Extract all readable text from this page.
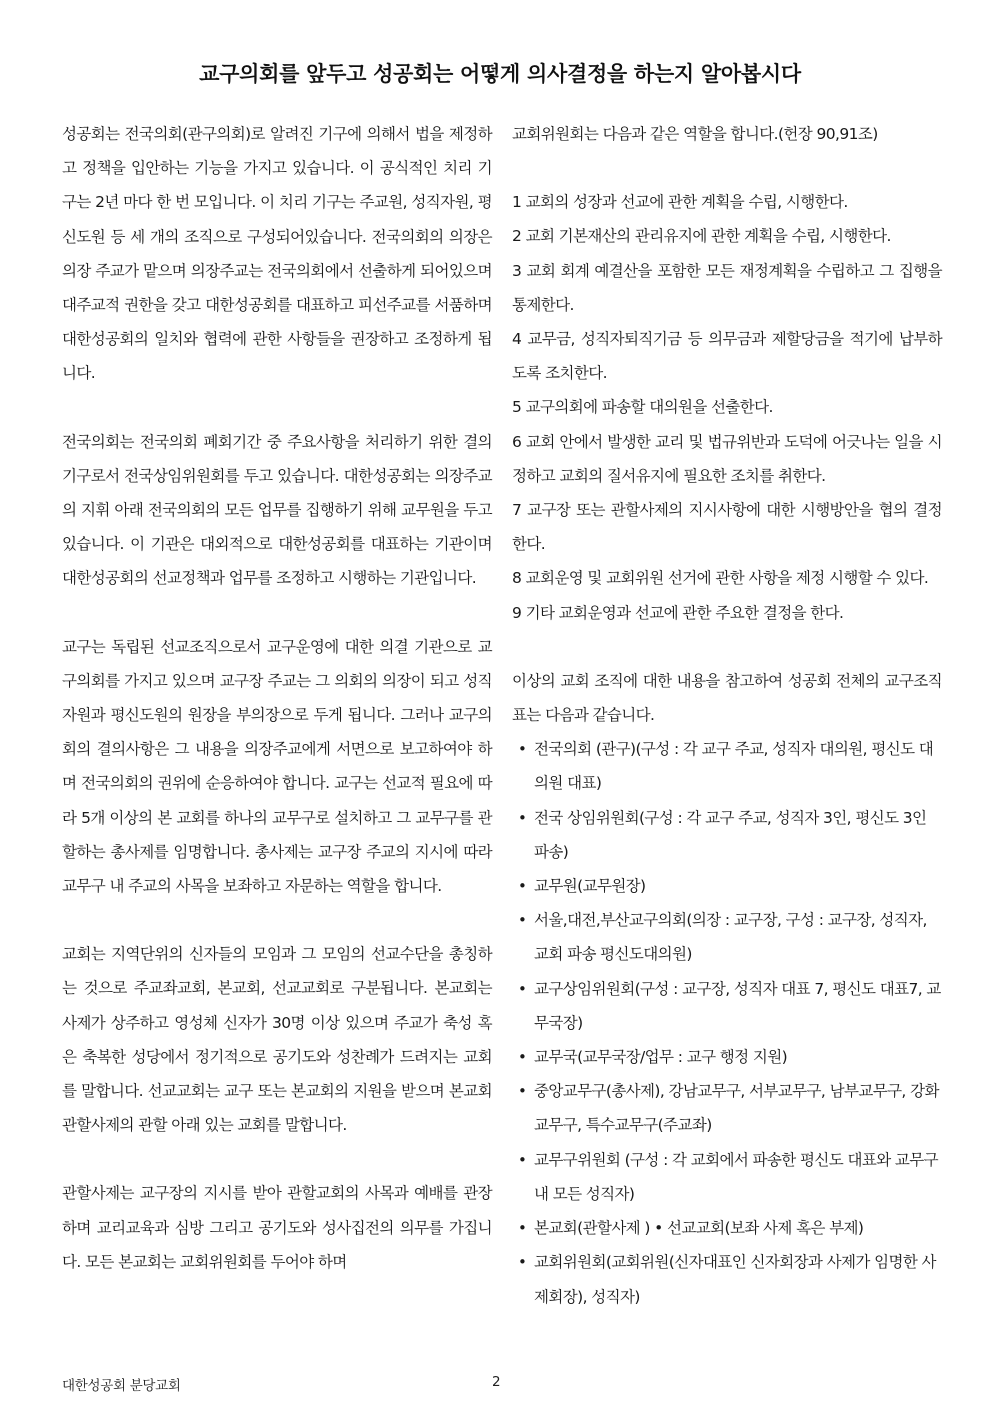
교구의회를 앞두고 성공회는 어떻게 의사결정을 하는지 알아봅시다

성공회는 전국의회(관구의회)로 알려진 기구에 의해서 법을 제정하고 정책을 입안하는 기능을 가지고 있습니다. 이 공식적인 치리 기구는 2년 마다 한 번 모입니다. 이 치리 기구는 주교원, 성직자원, 평신도원 등 세 개의 조직으로 구성되어있습니다. 전국의회의 의장은 의장 주교가 맡으며 의장주교는 전국의회에서 선출하게 되어있으며 대주교적 권한을 갖고 대한성공회를 대표하고 피선주교를 서품하며 대한성공회의 일치와 협력에 관한 사항들을 권장하고 조정하게 됩니다.

전국의회는 전국의회 폐회기간 중 주요사항을 처리하기 위한 결의기구로서 전국상임위원회를 두고 있습니다. 대한성공회는 의장주교의 지휘 아래 전국의회의 모든 업무를 집행하기 위해 교무원을 두고 있습니다. 이 기관은 대외적으로 대한성공회를 대표하는 기관이며 대한성공회의 선교정책과 업무를 조정하고 시행하는 기관입니다.

교구는 독립된 선교조직으로서 교구운영에 대한 의결 기관으로 교구의회를 가지고 있으며 교구장 주교는 그 의회의 의장이 되고 성직자원과 평신도원의 원장을 부의장으로 두게 됩니다. 그러나 교구의회의 결의사항은 그 내용을 의장주교에게 서면으로 보고하여야 하며 전국의회의 권위에 순응하여야 합니다. 교구는 선교적 필요에 따라 5개 이상의 본 교회를 하나의 교무구로 설치하고 그 교무구를 관할하는 총사제를 임명합니다. 총사제는 교구장 주교의 지시에 따라 교무구 내 주교의 사목을 보좌하고 자문하는 역할을 합니다.

교회는 지역단위의 신자들의 모임과 그 모임의 선교수단을 총칭하는 것으로 주교좌교회, 본교회, 선교교회로 구분됩니다. 본교회는 사제가 상주하고 영성체 신자가 30명 이상 있으며 주교가 축성 혹은 축복한 성당에서 정기적으로 공기도와 성찬례가 드려지는 교회를 말합니다. 선교교회는 교구 또는 본교회의 지원을 받으며 본교회 관할사제의 관할 아래 있는 교회를 말합니다.

관할사제는 교구장의 지시를 받아 관할교회의 사목과 예배를 관장하며 교리교육과 심방 그리고 공기도와 성사집전의 의무를 가집니다. 모든 본교회는 교회위원회를 두어야 하며

교회위원회는 다음과 같은 역할을 합니다.(헌장 90,91조)

1 교회의 성장과 선교에 관한 계획을 수립, 시행한다.

2 교회 기본재산의 관리유지에 관한 계획을 수립, 시행한다.

3 교회 회계 예결산을 포함한 모든 재정계획을 수립하고 그 집행을 통제한다.

4 교무금, 성직자퇴직기금 등 의무금과 제할당금을 적기에 납부하도록 조치한다.

5 교구의회에 파송할 대의원을 선출한다.

6 교회 안에서 발생한 교리 및 법규위반과 도덕에 어긋나는 일을 시정하고 교회의 질서유지에 필요한 조치를 취한다.

7 교구장 또는 관할사제의 지시사항에 대한 시행방안을 협의 결정한다.

8 교회운영 및 교회위원 선거에 관한 사항을 제정 시행할 수 있다.

9 기타 교회운영과 선교에 관한 주요한 결정을 한다.

이상의 교회 조직에 대한 내용을 참고하여 성공회 전체의 교구조직표는 다음과 같습니다.

• 전국의회 (관구)(구성 : 각 교구 주교, 성직자 대의원, 평신도 대의원 대표)
• 전국 상임위원회(구성 : 각 교구 주교, 성직자 3인, 평신도 3인 파송)
• 교무원(교무원장)
• 서울,대전,부산교구의회(의장 : 교구장, 구성 : 교구장, 성직자, 교회 파송 평신도대의원)
• 교구상임위원회(구성 : 교구장, 성직자 대표 7, 평신도 대표7, 교무국장)
• 교무국(교무국장/업무 : 교구 행정 지원)
• 중앙교무구(총사제), 강남교무구, 서부교무구, 남부교무구, 강화교무구, 특수교무구(주교좌)
• 교무구위원회 (구성 : 각 교회에서 파송한 평신도 대표와 교무구 내 모든 성직자)
• 본교회(관할사제 ) • 선교교회(보좌 사제 혹은 부제)
• 교회위원회(교회위원(신자대표인 신자회장과 사제가 임명한 사제회장), 성직자)
대한성공회 분당교회	2
